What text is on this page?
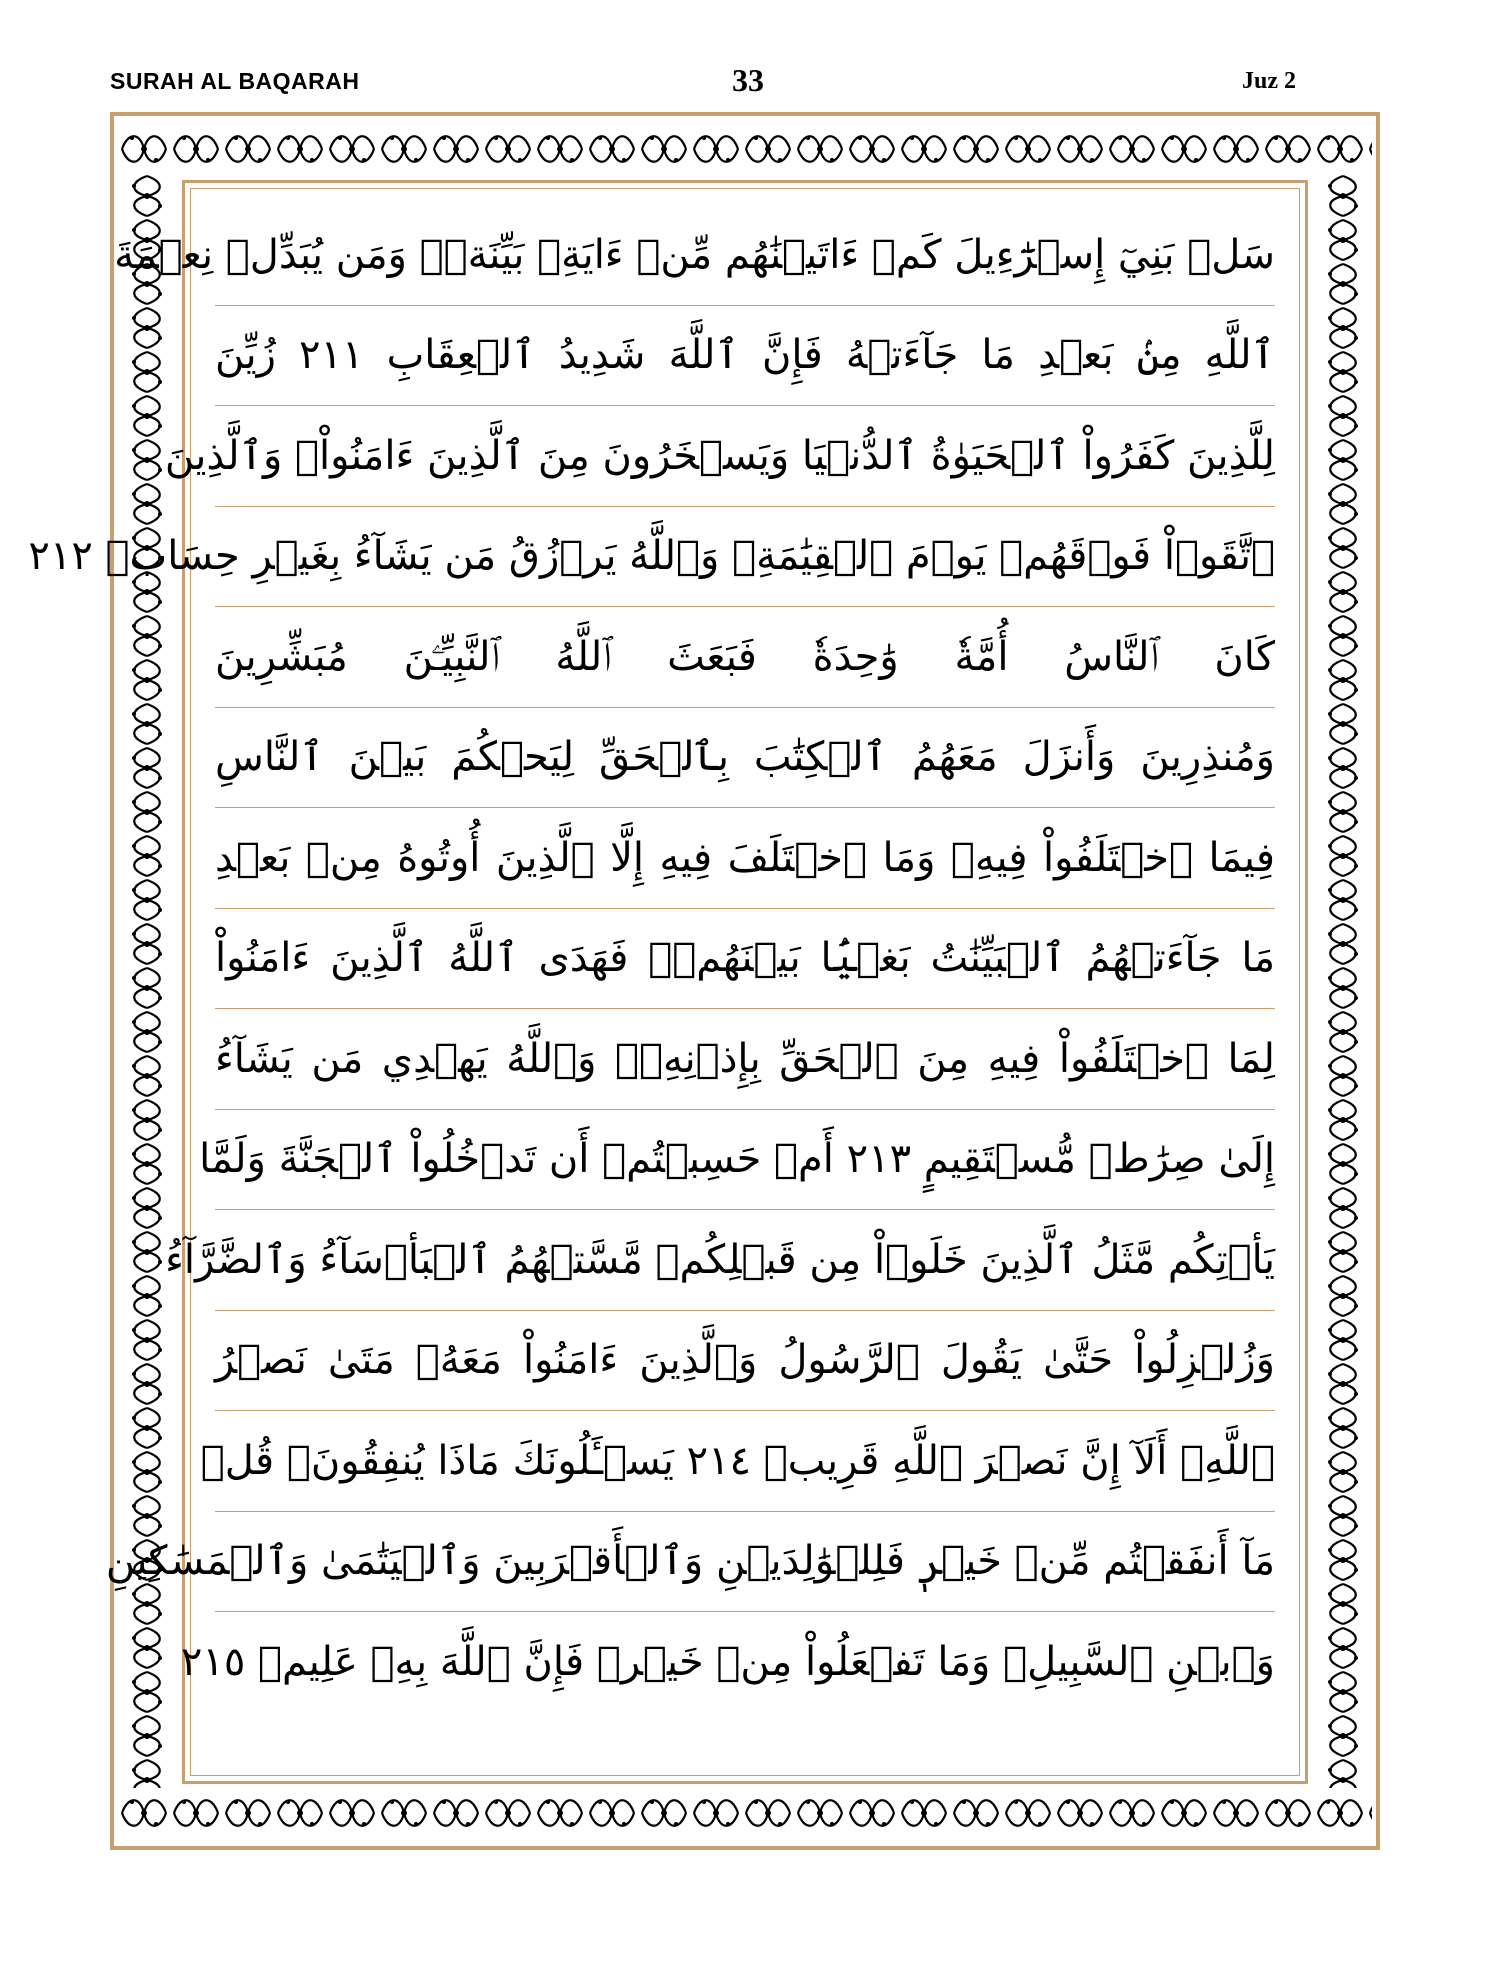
SURAH AL BAQARAH	33	Juz 2
سَلۡ بَنِيٓ إِسۡرَٰٓءِيلَ كَمۡ ءَاتَيۡنَٰهُم مِّنۡ ءَايَةِۭ بَيِّنَةٖۗ وَمَن يُبَدِّلۡ نِعۡمَةَ
ٱللَّهِ مِنۢ بَعۡدِ مَا جَآءَتۡهُ فَإِنَّ ٱللَّهَ شَدِيدُ ٱلۡعِقَابِ ٢١١ زُيِّنَ
لِلَّذِينَ كَفَرُواْ ٱلۡحَيَوٰةُ ٱلدُّنۡيَا وَيَسۡخَرُونَ مِنَ ٱلَّذِينَ ءَامَنُواْۘ وَٱلَّذِينَ
ٱتَّقَوۡاْ فَوۡقَهُمۡ يَوۡمَ ٱلۡقِيَٰمَةِۗ وَٱللَّهُ يَرۡزُقُ مَن يَشَآءُ بِغَيۡرِ حِسَابٖ ٢١٢
كَانَ ٱلنَّاسُ أُمَّةٗ وَٰحِدَةٗ فَبَعَثَ ٱللَّهُ ٱلنَّبِيِّـۧنَ مُبَشِّرِينَ
وَمُنذِرِينَ وَأَنزَلَ مَعَهُمُ ٱلۡكِتَٰبَ بِٱلۡحَقِّ لِيَحۡكُمَ بَيۡنَ ٱلنَّاسِ
فِيمَا ٱخۡتَلَفُواْ فِيهِۚ وَمَا ٱخۡتَلَفَ فِيهِ إِلَّا ٱلَّذِينَ أُوتُوهُ مِنۢ بَعۡدِ
مَا جَآءَتۡهُمُ ٱلۡبَيِّنَٰتُ بَغۡيَۢا بَيۡنَهُمۡۖ فَهَدَى ٱللَّهُ ٱلَّذِينَ ءَامَنُواْ
لِمَا ٱخۡتَلَفُواْ فِيهِ مِنَ ٱلۡحَقِّ بِإِذۡنِهِۦۗ وَٱللَّهُ يَهۡدِي مَن يَشَآءُ
إِلَىٰ صِرَٰطٖ مُّسۡتَقِيمٍ ٢١٣ أَمۡ حَسِبۡتُمۡ أَن تَدۡخُلُواْ ٱلۡجَنَّةَ وَلَمَّا
يَأۡتِكُم مَّثَلُ ٱلَّذِينَ خَلَوۡاْ مِن قَبۡلِكُمۖ مَّسَّتۡهُمُ ٱلۡبَأۡسَآءُ وَٱلضَّرَّآءُ
وَزُلۡزِلُواْ حَتَّىٰ يَقُولَ ٱلرَّسُولُ وَٱلَّذِينَ ءَامَنُواْ مَعَهُۥ مَتَىٰ نَصۡرُ
ٱللَّهِۗ أَلَآ إِنَّ نَصۡرَ ٱللَّهِ قَرِيبٞ ٢١٤ يَسۡـَٔلُونَكَ مَاذَا يُنفِقُونَۖ قُلۡ
مَآ أَنفَقۡتُم مِّنۡ خَيۡرٖ فَلِلۡوَٰلِدَيۡنِ وَٱلۡأَقۡرَبِينَ وَٱلۡيَتَٰمَىٰ وَٱلۡمَسَٰكِينِ
وَٱبۡنِ ٱلسَّبِيلِۗ وَمَا تَفۡعَلُواْ مِنۡ خَيۡرٖ فَإِنَّ ٱللَّهَ بِهِۦ عَلِيمٞ ٢١٥
